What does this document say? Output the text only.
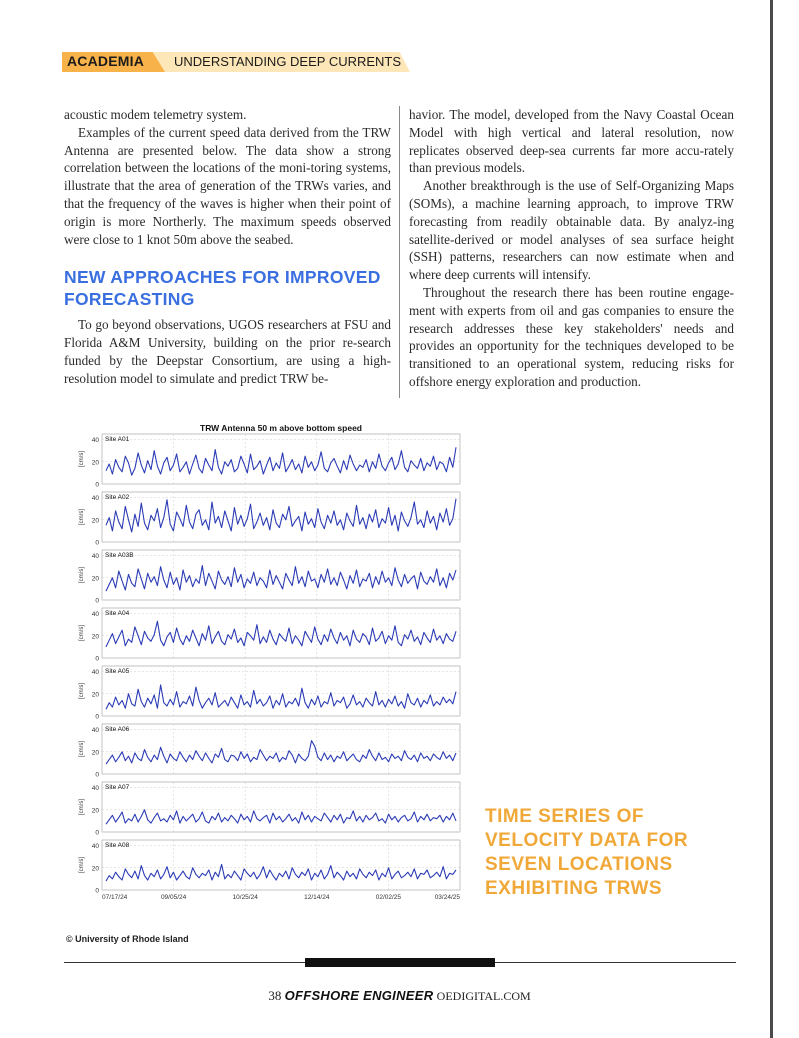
ACADEMIA UNDERSTANDING DEEP CURRENTS

acoustic modem telemetry system.

Examples of the current speed data derived from the TRW Antenna are presented below. The data show a strong correlation between the locations of the moni-toring systems, illustrate that the area of generation of the TRWs varies, and that the frequency of the waves is higher when their point of origin is more Northerly. The maximum speeds observed were close to 1 knot 50m above the seabed.

NEW APPROACHES FOR IMPROVED FORECASTING

To go beyond observations, UGOS researchers at FSU and Florida A&M University, building on the prior re-search funded by the Deepstar Consortium, are using a high-resolution model to simulate and predict TRW be-

havior. The model, developed from the Navy Coastal Ocean Model with high vertical and lateral resolution, now replicates observed deep-sea currents far more accu-rately than previous models.

Another breakthrough is the use of Self-Organizing Maps (SOMs), a machine learning approach, to improve TRW forecasting from readily obtainable data. By analyz-ing satellite-derived or model analyses of sea surface height (SSH) patterns, researchers can now estimate when and where deep currents will intensify.

Throughout the research there has been routine engage-ment with experts from oil and gas companies to ensure the research addresses these key stakeholders' needs and provides an opportunity for the techniques developed to be transitioned to an operational system, reducing risks for offshore energy exploration and production.

TRW Antenna 50 m above bottom speed
0
20
40
[cm/s]
Site A01
0
20
40
[cm/s]
Site A02
0
20
40
[cm/s]
Site A03B
0
20
40
[cm/s]
Site A04
0
20
40
[cm/s]
Site A05
0
20
40
[cm/s]
Site A06
0
20
40
[cm/s]
Site A07
0
20
40
[cm/s]
Site A08
07/17/24	09/05/24	10/25/24	12/14/24	02/02/25	03/24/25
TIME SERIES OF
VELOCITY DATA FOR
SEVEN LOCATIONS
EXHIBITING TRWS
© University of Rhode Island
38 OFFSHORE ENGINEER OEDIGITAL.COM
